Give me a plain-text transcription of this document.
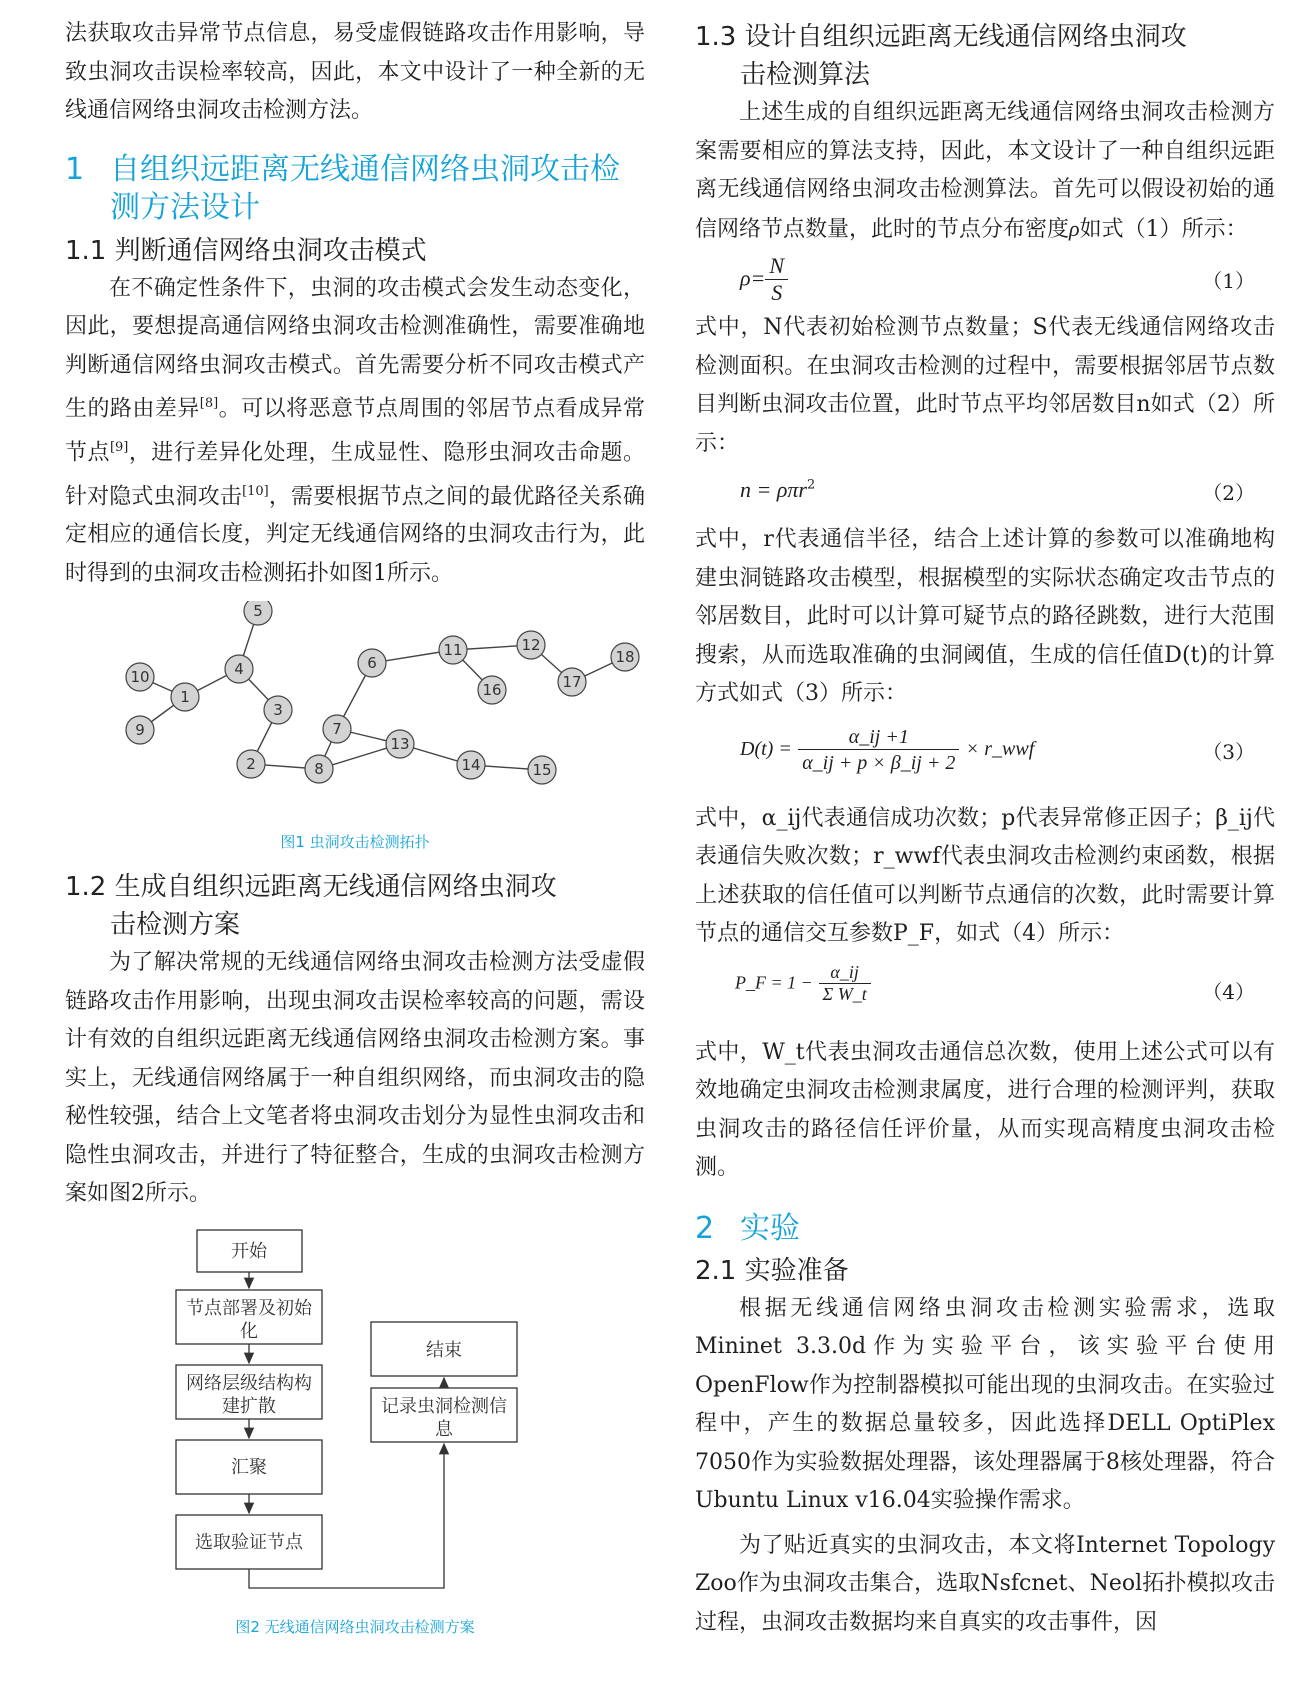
法获取攻击异常节点信息，易受虚假链路攻击作用影响，导致虫洞攻击误检率较高，因此，本文中设计了一种全新的无线通信网络虫洞攻击检测方法。

1 自组织远距离无线通信网络虫洞攻击检测方法设计
1.1 判断通信网络虫洞攻击模式

在不确定性条件下，虫洞的攻击模式会发生动态变化，因此，要想提高通信网络虫洞攻击检测准确性，需要准确地判断通信网络虫洞攻击模式。首先需要分析不同攻击模式产生的路由差异[8]。可以将恶意节点周围的邻居节点看成异常节点[9]，进行差异化处理，生成显性、隐形虫洞攻击命题。针对隐式虫洞攻击[10]，需要根据节点之间的最优路径关系确定相应的通信长度，判定无线通信网络的虫洞攻击行为，此时得到的虫洞攻击检测拓扑如图1所示。

1
2
3
4
5
6
7
8
9
10
11	12
13
14	15
16	17
18
图1 虫洞攻击检测拓扑
1.2 生成自组织远距离无线通信网络虫洞攻
击检测方案

为了解决常规的无线通信网络虫洞攻击检测方法受虚假链路攻击作用影响，出现虫洞攻击误检率较高的问题，需设计有效的自组织远距离无线通信网络虫洞攻击检测方案。事实上，无线通信网络属于一种自组织网络，而虫洞攻击的隐秘性较强，结合上文笔者将虫洞攻击划分为显性虫洞攻击和隐性虫洞攻击，并进行了特征整合，生成的虫洞攻击检测方案如图2所示。

开始
节点部署及初始
化
网络层级结构构
建扩散
汇聚
选取验证节点
结束
记录虫洞检测信
息
图2 无线通信网络虫洞攻击检测方案
1.3 设计自组织远距离无线通信网络虫洞攻
击检测算法

上述生成的自组织远距离无线通信网络虫洞攻击检测方案需要相应的算法支持，因此，本文设计了一种自组织远距离无线通信网络虫洞攻击检测算法。首先可以假设初始的通信网络节点数量，此时的节点分布密度ρ如式（1）所示：

$\rho= \frac{N}{S}$	（1）

式中，N代表初始检测节点数量；S代表无线通信网络攻击检测面积。在虫洞攻击检测的过程中，需要根据邻居节点数目判断虫洞攻击位置，此时节点平均邻居数目n如式（2）所示：

n = ρπr$^2$	（2）

式中，r代表通信半径，结合上述计算的参数可以准确地构建虫洞链路攻击模型，根据模型的实际状态确定攻击节点的邻居数目，此时可以计算可疑节点的路径跳数，进行大范围搜索，从而选取准确的虫洞阈值，生成的信任值D(t)的计算方式如式（3）所示：

$D(t) = \frac{\alpha\_ij +1}{\alpha\_ij + p \times \beta\_ij + 2}$ × r_wwf	（3）

式中，α_ij代表通信成功次数；p代表异常修正因子；β_ij代表通信失败次数；r_wwf代表虫洞攻击检测约束函数，根据上述获取的信任值可以判断节点通信的次数，此时需要计算节点的通信交互参数P_F，如式（4）所示：

P_F = $1 - \frac{\alpha\_ij}{\text{Σ W\_t}}$	（4）

式中，W_t代表虫洞攻击通信总次数，使用上述公式可以有效地确定虫洞攻击检测隶属度，进行合理的检测评判，获取虫洞攻击的路径信任评价量，从而实现高精度虫洞攻击检测。

2 实验
2.1 实验准备

根据无线通信网络虫洞攻击检测实验需求，选取Mininet 3.3.0d作为实验平台，该实验平台使用OpenFlow作为控制器模拟可能出现的虫洞攻击。在实验过程中，产生的数据总量较多，因此选择DELL OptiPlex 7050作为实验数据处理器，该处理器属于8核处理器，符合Ubuntu Linux v16.04实验操作需求。

为了贴近真实的虫洞攻击，本文将Internet Topology Zoo作为虫洞攻击集合，选取Nsfcnet、Neol拓扑模拟攻击过程，虫洞攻击数据均来自真实的攻击事件，因
